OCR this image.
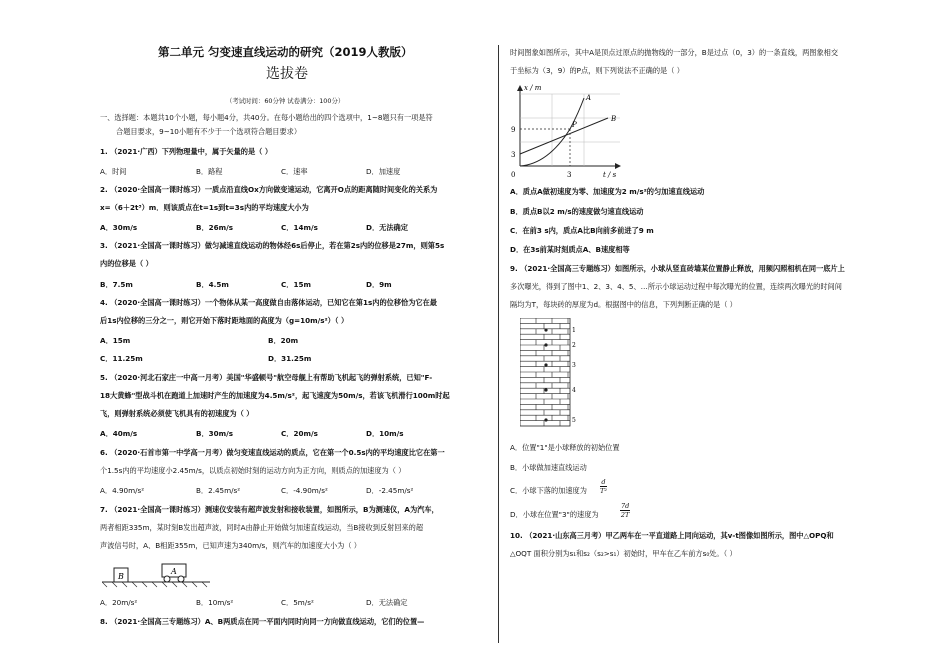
第二单元 匀变速直线运动的研究（2019人教版）
选拔卷
（考试时间：60分钟 试卷满分：100分）
一、选择题：本题共10个小题，每小题4分，共40分。在每小题给出的四个选项中，1~8题只有一项是符
合题目要求，9~10小题有不少于一个选项符合题目要求）
1. （2021·广西）下列物理量中，属于矢量的是（ ）
A．时间	B．路程	C．速率	D．加速度
2. （2020·全国高一课时练习）一质点沿直线Ox方向做变速运动，它离开O点的距离随时间变化的关系为
x=（6＋2t³）m．则该质点在t=1s到t=3s内的平均速度大小为
A．30m/s	B．26m/s	C．14m/s	D．无法确定
3. （2021·全国高一课时练习）做匀减速直线运动的物体经6s后停止，若在第2s内的位移是27m，则第5s
内的位移是（ ）
B．7.5m	B．4.5m	C．15m	D．9m
4. （2020·全国高一课时练习）一个物体从某一高度做自由落体运动，已知它在第1s内的位移恰为它在最
后1s内位移的三分之一，则它开始下落时距地面的高度为（g=10m/s²）（ ）
A．15m	B．20m
C．11.25m	D．31.25m
5. （2020·河北石家庄一中高一月考）美国"华盛顿号"航空母舰上有帮助飞机起飞的弹射系统，已知"F-
18大黄蜂"型战斗机在跑道上加速时产生的加速度为4.5m/s²，起飞速度为50m/s，若该飞机滑行100m时起
飞，则弹射系统必须使飞机具有的初速度为（ ）
A．40m/s	B．30m/s	C．20m/s	D．10m/s
6. （2020·石首市第一中学高一月考）做匀变速直线运动的质点，它在第一个0.5s内的平均速度比它在第一
个1.5s内的平均速度小2.45m/s，以质点初始时刻的运动方向为正方向，则质点的加速度为（ ）
A．4.90m/s²	B．2.45m/s²	C．-4.90m/s²	D．-2.45m/s²
7. （2021·全国高一课时练习）测速仪安装有超声波发射和接收装置，如图所示，B为测速仪，A为汽车，
两者相距335m，某时刻B发出超声波，同时A由静止开始做匀加速直线运动，当B接收到反射回来的超
声波信号时，A、B相距355m，已知声速为340m/s，则汽车的加速度大小为（ ）
B
A
A．20m/s²	B．10m/s²	C．5m/s²	D．无法确定
8. （2021·全国高三专题练习）A、B两质点在同一平面内同时向同一方向做直线运动，它们的位置—
时间图象如图所示，其中A是顶点过原点的抛物线的一部分，B是过点（0，3）的一条直线，两图象相交
于坐标为（3，9）的P点，则下列说法不正确的是（ ）
x / m
t / s
0
9
3
3
A
B
P
A．质点A做初速度为零、加速度为2 m/s²的匀加速直线运动
B．质点B以2 m/s的速度做匀速直线运动
C．在前3 s内，质点A比B向前多前进了9 m
D．在3s前某时刻质点A、B速度相等
9. （2021·全国高三专题练习）如图所示，小球从竖直砖墙某位置静止释放，用频闪照相机在同一底片上
多次曝光，得到了图中1、2、3、4、5、…所示小球运动过程中每次曝光的位置，连续两次曝光的时间间
隔均为T，每块砖的厚度为d。根据图中的信息，下列判断正确的是（ ）
1
2
3
4
5
A．位置"1"是小球释放的初始位置
B．小球做加速直线运动
C．小球下落的加速度为 $\frac{d}{\text{T²}}$
D．小球在位置"3"的速度为	$\frac{7d}{2T}$
10. （2021·山东高三月考）甲乙两车在一平直道路上同向运动，其v-t图像如图所示，图中△OPQ和
△OQT 面积分别为s₁和s₂（s₂>s₁）初始时，甲车在乙车前方s₀处。（ ）
